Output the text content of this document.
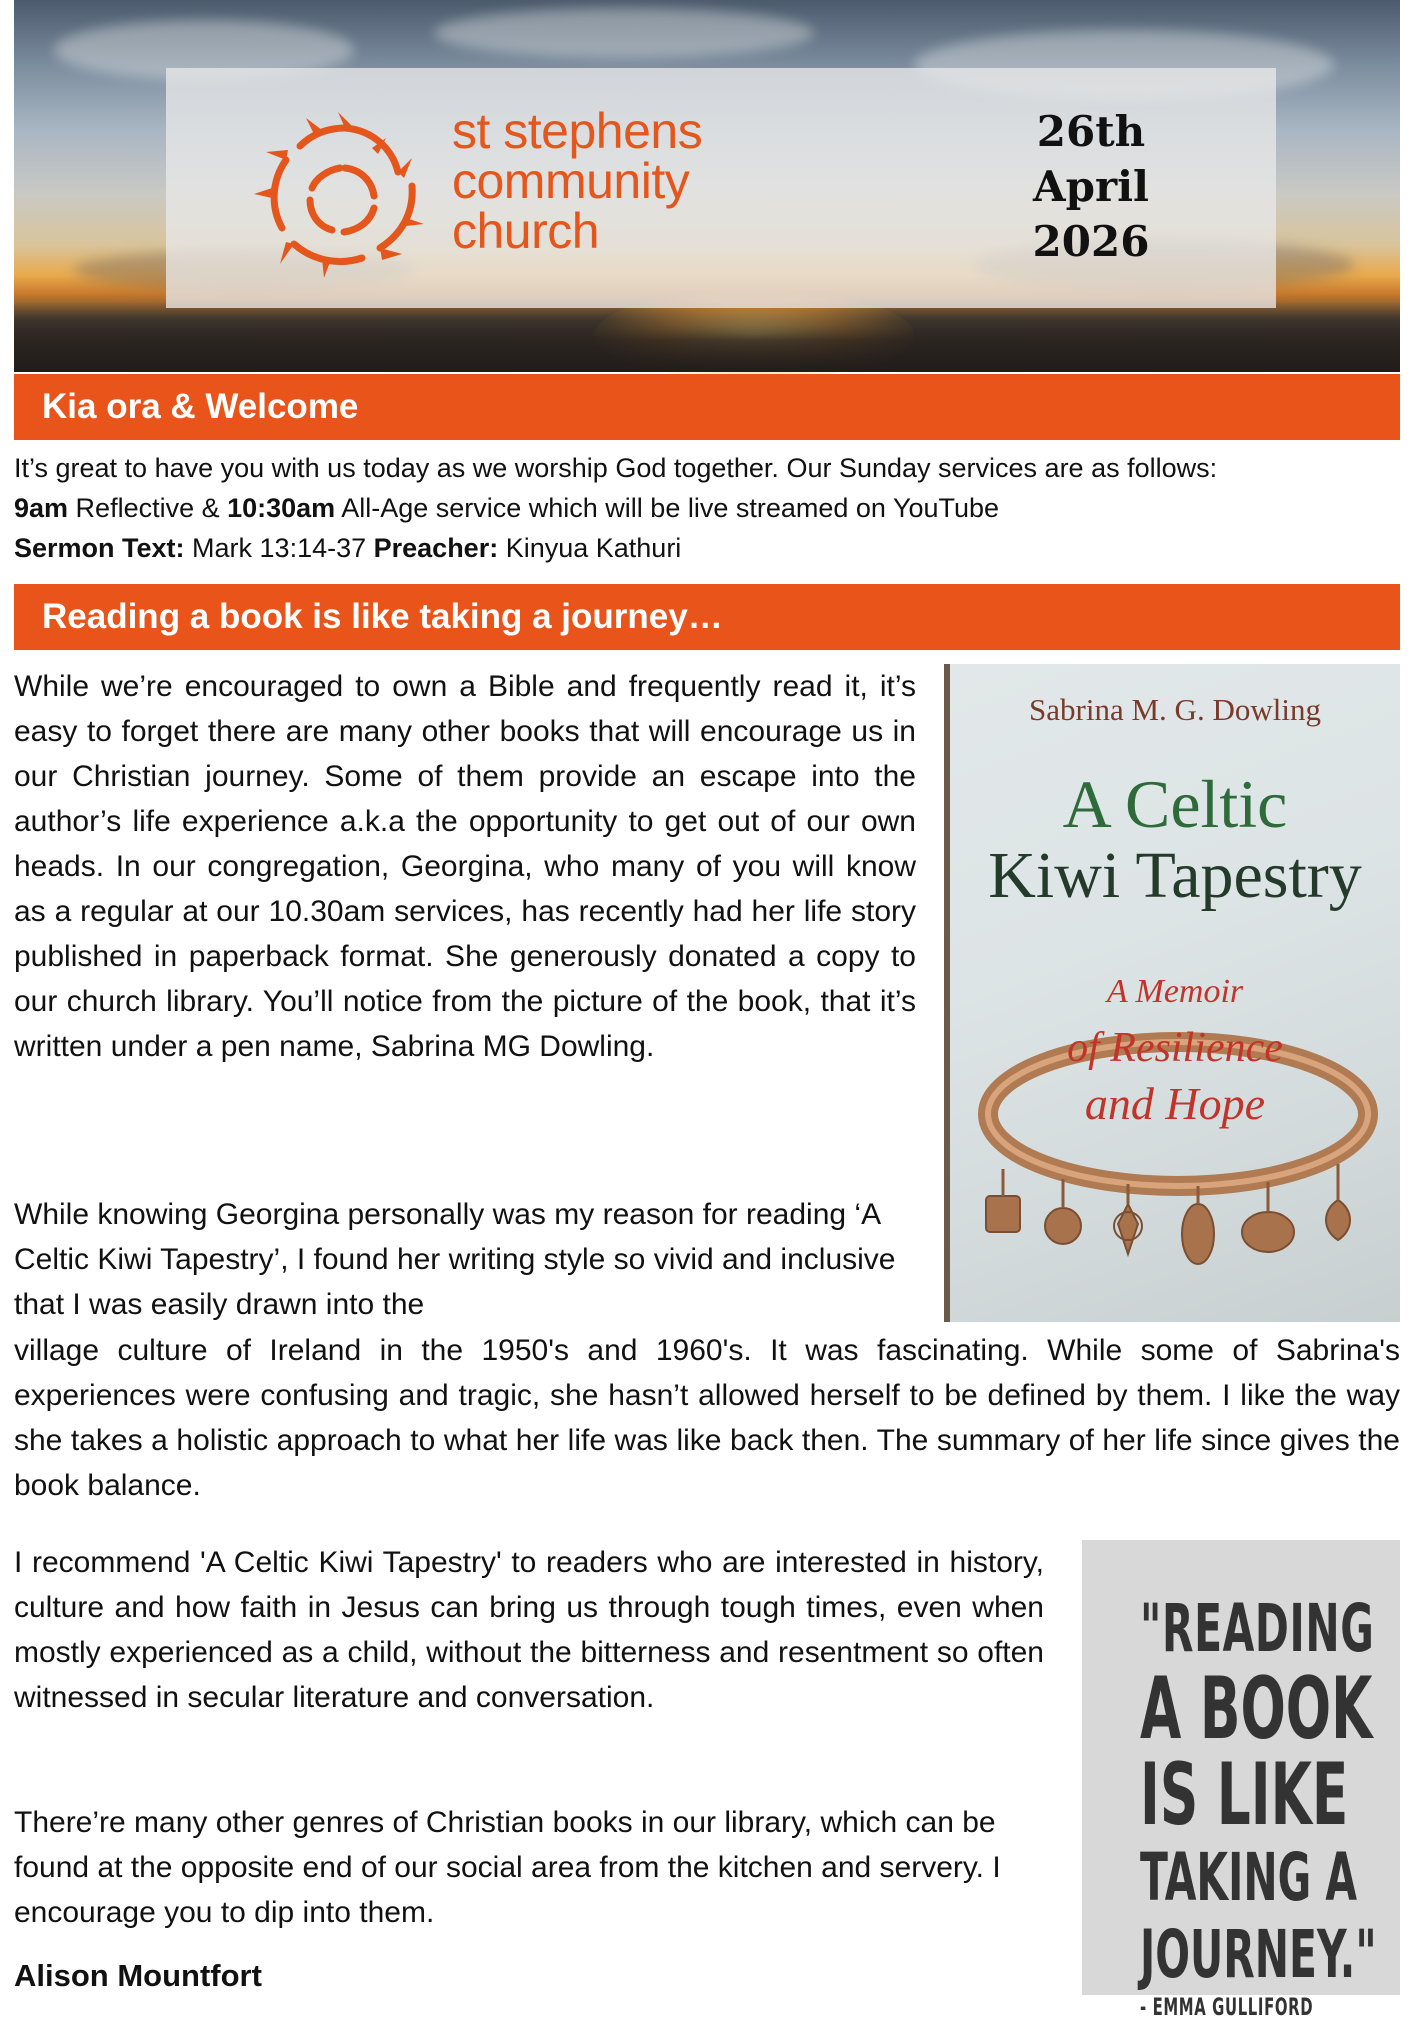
st stephens
community
church
26th
April
2026
Kia ora & Welcome
It’s great to have you with us today as we worship God together. Our Sunday services are as follows:
9am Reflective & 10:30am All-Age service which will be live streamed on YouTube
Sermon Text: Mark 13:14-37 Preacher: Kinyua Kathuri
Reading a book is like taking a journey…
While we’re encouraged to own a Bible and frequently read it, it’s easy to forget there are many other books that will encourage us in our Christian journey. Some of them provide an escape into the author’s life experience a.k.a the opportunity to get out of our own heads. In our congregation, Georgina, who many of you will know as a regular at our 10.30am services, has recently had her life story published in paperback format. She generously donated a copy to our church library. You’ll notice from the picture of the book, that it’s written under a pen name, Sabrina MG Dowling.
Sabrina M. G. Dowling
A Celtic
Kiwi Tapestry
A Memoir
of Resilience
and Hope
While knowing Georgina personally was my reason for reading ‘A Celtic Kiwi Tapestry’, I found her writing style so vivid and inclusive that I was easily drawn into the
village culture of Ireland in the 1950's and 1960's. It was fascinating. While some of Sabrina's experiences were confusing and tragic, she hasn’t allowed herself to be defined by them. I like the way she takes a holistic approach to what her life was like back then. The summary of her life since gives the book balance.
I recommend 'A Celtic Kiwi Tapestry' to readers who are interested in history, culture and how faith in Jesus can bring us through tough times, even when mostly experienced as a child, without the bitterness and resentment so often witnessed in secular literature and conversation.
There’re many other genres of Christian books in our library, which can be found at the opposite end of our social area from the kitchen and servery. I encourage you to dip into them.
Alison Mountfort
"READING
A BOOK
IS LIKE
TAKING A
JOURNEY."
- EMMA GULLIFORD
